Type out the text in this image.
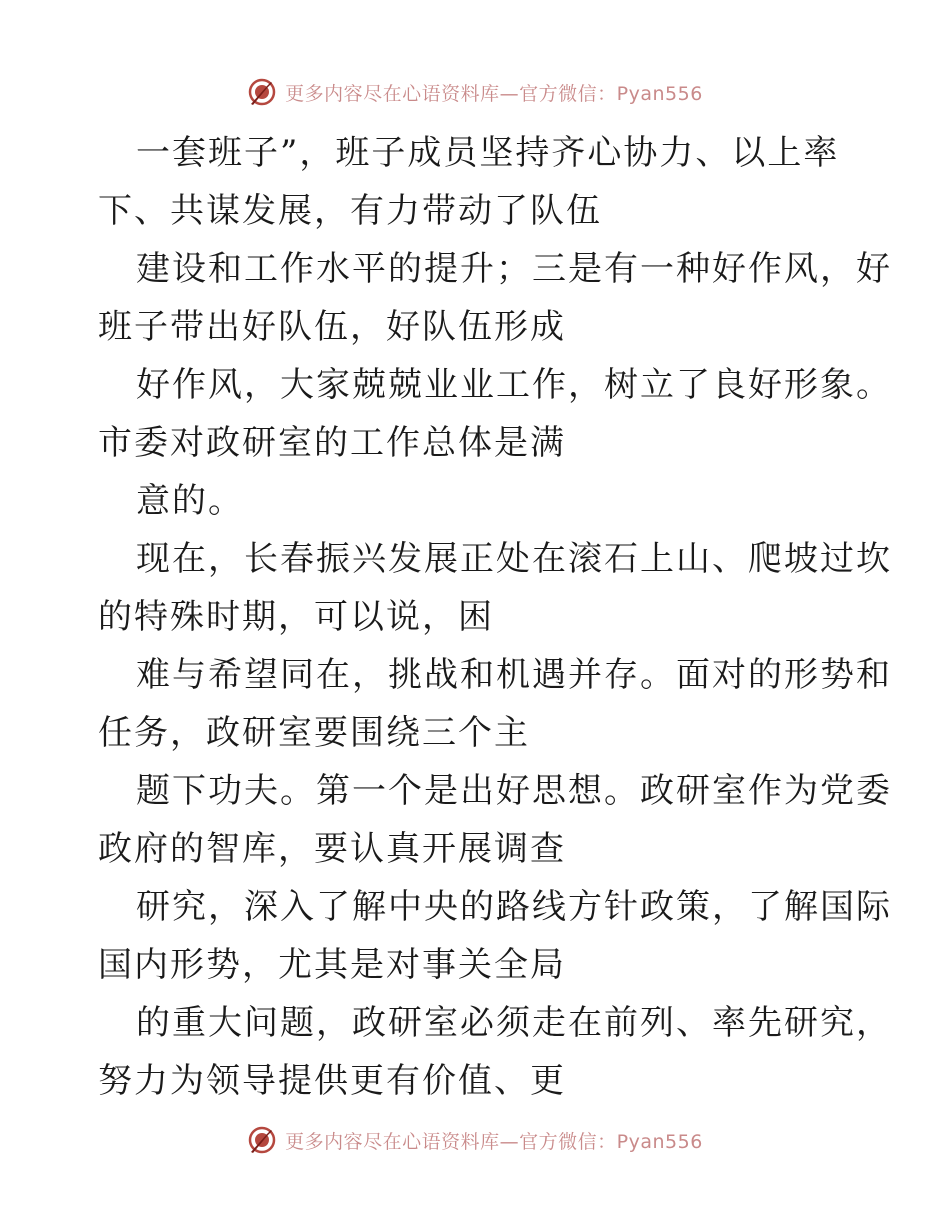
更多内容尽在心语资料库—官方微信：Pyan556
一套班子”，班子成员坚持齐心协力、以上率
下、共谋发展，有力带动了队伍
建设和工作水平的提升；三是有一种好作风，好
班子带出好队伍，好队伍形成
好作风，大家兢兢业业工作，树立了良好形象。
市委对政研室的工作总体是满
意的。
现在，长春振兴发展正处在滚石上山、爬坡过坎
的特殊时期，可以说，困
难与希望同在，挑战和机遇并存。面对的形势和
任务，政研室要围绕三个主
题下功夫。第一个是出好思想。政研室作为党委
政府的智库，要认真开展调查
研究，深入了解中央的路线方针政策，了解国际
国内形势，尤其是对事关全局
的重大问题，政研室必须走在前列、率先研究，
努力为领导提供更有价值、更
更多内容尽在心语资料库—官方微信：Pyan556
